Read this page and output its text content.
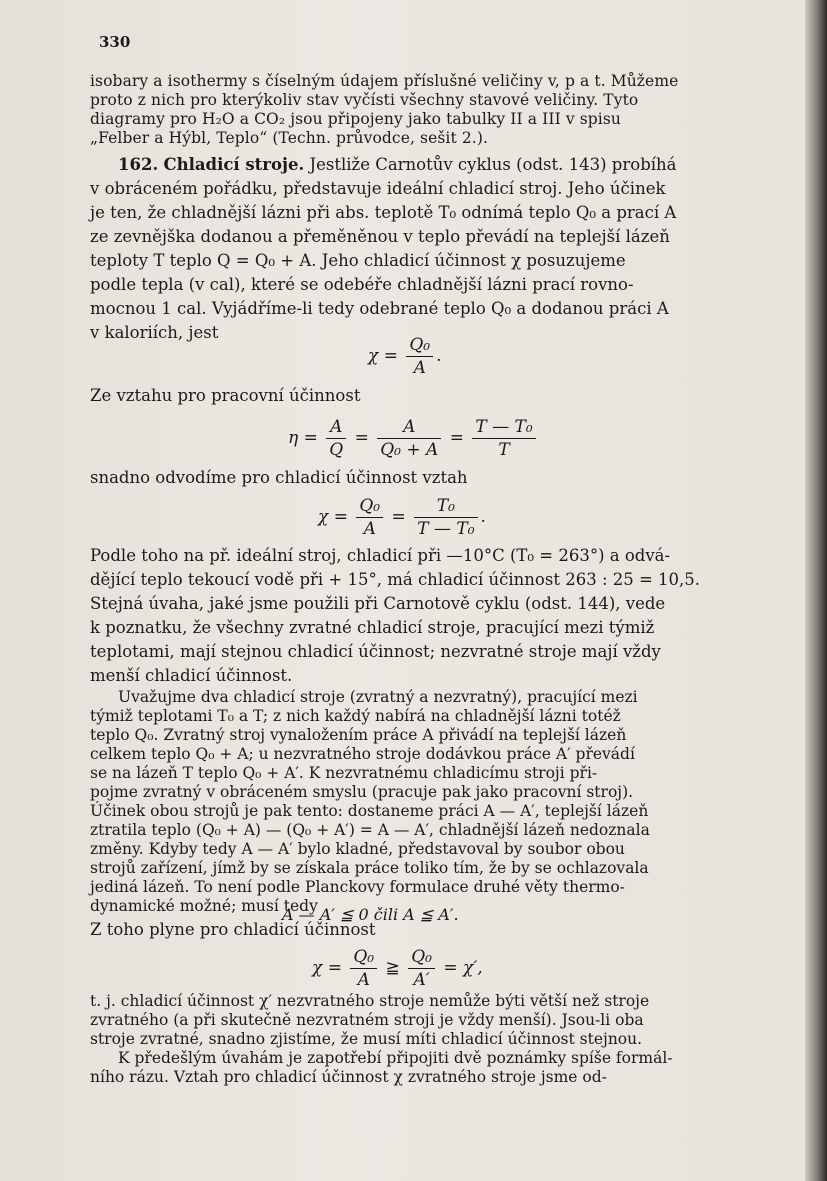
330
isobary a isothermy s číselným údajem příslušné veličiny v, p a t. Můžeme
proto z nich pro kterýkoliv stav vyčísti všechny stavové veličiny. Tyto
diagramy pro H₂O a CO₂ jsou připojeny jako tabulky II a III v spisu
„Felber a Hýbl, Teplo“ (Techn. průvodce, sešit 2.).
162. Chladicí stroje. Jestliže Carnotův cyklus (odst. 143) probíhá
v obráceném pořádku, představuje ideální chladicí stroj. Jeho účinek
je ten, že chladnější lázni při abs. teplotě T₀ odnímá teplo Q₀ a prací A
ze zevnějška dodanou a přeměněnou v teplo převádí na teplejší lázeň
teploty T teplo Q = Q₀ + A. Jeho chladicí účinnost χ posuzujeme
podle tepla (v cal), které se odebéře chladnější lázni prací rovno-
mocnou 1 cal. Vyjádříme-li tedy odebrané teplo Q₀ a dodanou práci A
v kaloriích, jest
$\chi = \frac{\text{Q₀}}{A}$ .
Ze vztahu pro pracovní účinnost
$\eta = \frac{A}{Q} = \frac{A}{\text{Q₀ + A}} = \frac{\text{T — T₀}}{T}$
snadno odvodíme pro chladicí účinnost vztah
$\chi = \frac{\text{Q₀}}{A} = \frac{\text{T₀}}{\text{T — T₀}}$ .
Podle toho na př. ideální stroj, chladicí při —10°C (T₀ = 263°) a odvá-
dějící teplo tekoucí vodě při + 15°, má chladicí účinnost 263 : 25 = 10,5.
Stejná úvaha, jaké jsme použili při Carnotově cyklu (odst. 144), vede
k poznatku, že všechny zvratné chladicí stroje, pracující mezi týmiž
teplotami, mají stejnou chladicí účinnost; nezvratné stroje mají vždy
menší chladicí účinnost.
Uvažujme dva chladicí stroje (zvratný a nezvratný), pracující mezi
týmiž teplotami T₀ a T; z nich každý nabírá na chladnější lázni totéž
teplo Q₀. Zvratný stroj vynaložením práce A přivádí na teplejší lázeň
celkem teplo Q₀ + A; u nezvratného stroje dodávkou práce A′ převádí
se na lázeň T teplo Q₀ + A′. K nezvratnému chladicímu stroji při-
pojme zvratný v obráceném smyslu (pracuje pak jako pracovní stroj).
Účinek obou strojů je pak tento: dostaneme práci A — A′, teplejší lázeň
ztratila teplo (Q₀ + A) — (Q₀ + A′) = A — A′, chladnější lázeň nedoznala
změny. Kdyby tedy A — A′ bylo kladné, představoval by soubor obou
strojů zařízení, jímž by se získala práce toliko tím, že by se ochlazovala
jediná lázeň. To není podle Planckovy formulace druhé věty thermo-
dynamické možné; musí tedy
A — A′ ≦ 0 čili A ≦ A′.
Z toho plyne pro chladicí účinnost
$\chi = \frac{\text{Q₀}}{A}$ ≧ $\frac{\text{Q₀}}{A'} = \chi'$,
t. j. chladicí účinnost χ′ nezvratného stroje nemůže býti větší než stroje
zvratného (a při skutečně nezvratném stroji je vždy menší). Jsou-li oba
stroje zvratné, snadno zjistíme, že musí míti chladicí účinnost stejnou.
K předešlým úvahám je zapotřebí připojiti dvě poznámky spíše formál-
ního rázu. Vztah pro chladicí účinnost χ zvratného stroje jsme od-
